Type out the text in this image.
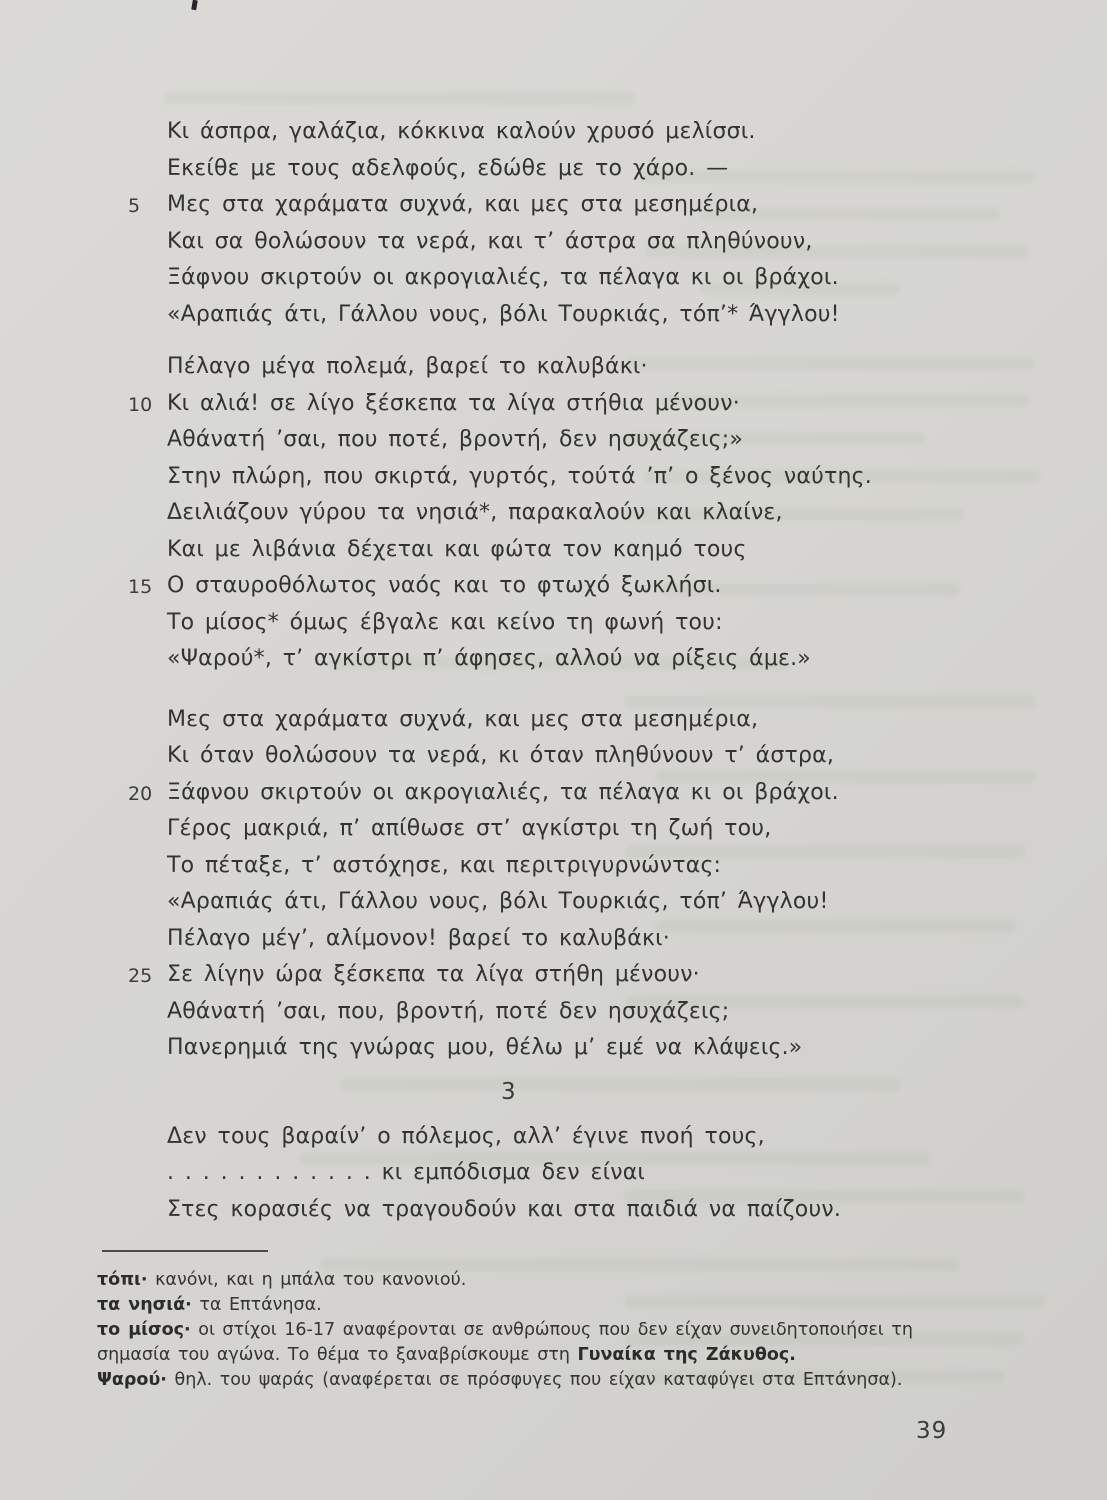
Κι άσπρα, γαλάζια, κόκκινα καλούν χρυσό μελίσσι.
Εκείθε με τους αδελφούς, εδώθε με το χάρο. —
5 Μες στα χαράματα συχνά, και μες στα μεσημέρια,
Και σα θολώσουν τα νερά, και τ’ άστρα σα πληθύνουν,
Ξάφνου σκιρτούν οι ακρογιαλιές, τα πέλαγα κι οι βράχοι.
«Αραπιάς άτι, Γάλλου νους, βόλι Τουρκιάς, τόπ’* Άγγλου!
Πέλαγο μέγα πολεμά, βαρεί το καλυβάκι·
10 Κι αλιά! σε λίγο ξέσκεπα τα λίγα στήθια μένουν·
Αθάνατή ’σαι, που ποτέ, βροντή, δεν ησυχάζεις;»
Στην πλώρη, που σκιρτά, γυρτός, τούτά ’π’ ο ξένος ναύτης.
Δειλιάζουν γύρου τα νησιά*, παρακαλούν και κλαίνε,
Και με λιβάνια δέχεται και φώτα τον καημό τους
15 Ο σταυροθόλωτος ναός και το φτωχό ξωκλήσι.
Το μίσος* όμως έβγαλε και κείνο τη φωνή του:
«Ψαρού*, τ’ αγκίστρι π’ άφησες, αλλού να ρίξεις άμε.»
Μες στα χαράματα συχνά, και μες στα μεσημέρια,
Κι όταν θολώσουν τα νερά, κι όταν πληθύνουν τ’ άστρα,
20 Ξάφνου σκιρτούν οι ακρογιαλιές, τα πέλαγα κι οι βράχοι.
Γέρος μακριά, π’ απίθωσε στ’ αγκίστρι τη ζωή του,
Το πέταξε, τ’ αστόχησε, και περιτριγυρνώντας:
«Αραπιάς άτι, Γάλλου νους, βόλι Τουρκιάς, τόπ’ Άγγλου!
Πέλαγο μέγ’, αλίμονον! βαρεί το καλυβάκι·
25 Σε λίγην ώρα ξέσκεπα τα λίγα στήθη μένουν·
Αθάνατή ’σαι, που, βροντή, ποτέ δεν ησυχάζεις;
Πανερημιά της γνώρας μου, θέλω μ’ εμέ να κλάψεις.»
3
Δεν τους βαραίν’ ο πόλεμος, αλλ’ έγινε πνοή τους,
. . . . . . . . . . . . κι εμπόδισμα δεν είναι
Στες κορασιές να τραγουδούν και στα παιδιά να παίζουν.

τόπι· κανόνι, και η μπάλα του κανονιού.

τα νησιά· τα Επτάνησα.

το μίσος· οι στίχοι 16-17 αναφέρονται σε ανθρώπους που δεν είχαν συνειδητοποιήσει τη σημασία του αγώνα. Το θέμα το ξαναβρίσκουμε στη Γυναίκα της Ζάκυθος.

Ψαρού· θηλ. του ψαράς (αναφέρεται σε πρόσφυγες που είχαν καταφύγει στα Επτάνησα).

39
